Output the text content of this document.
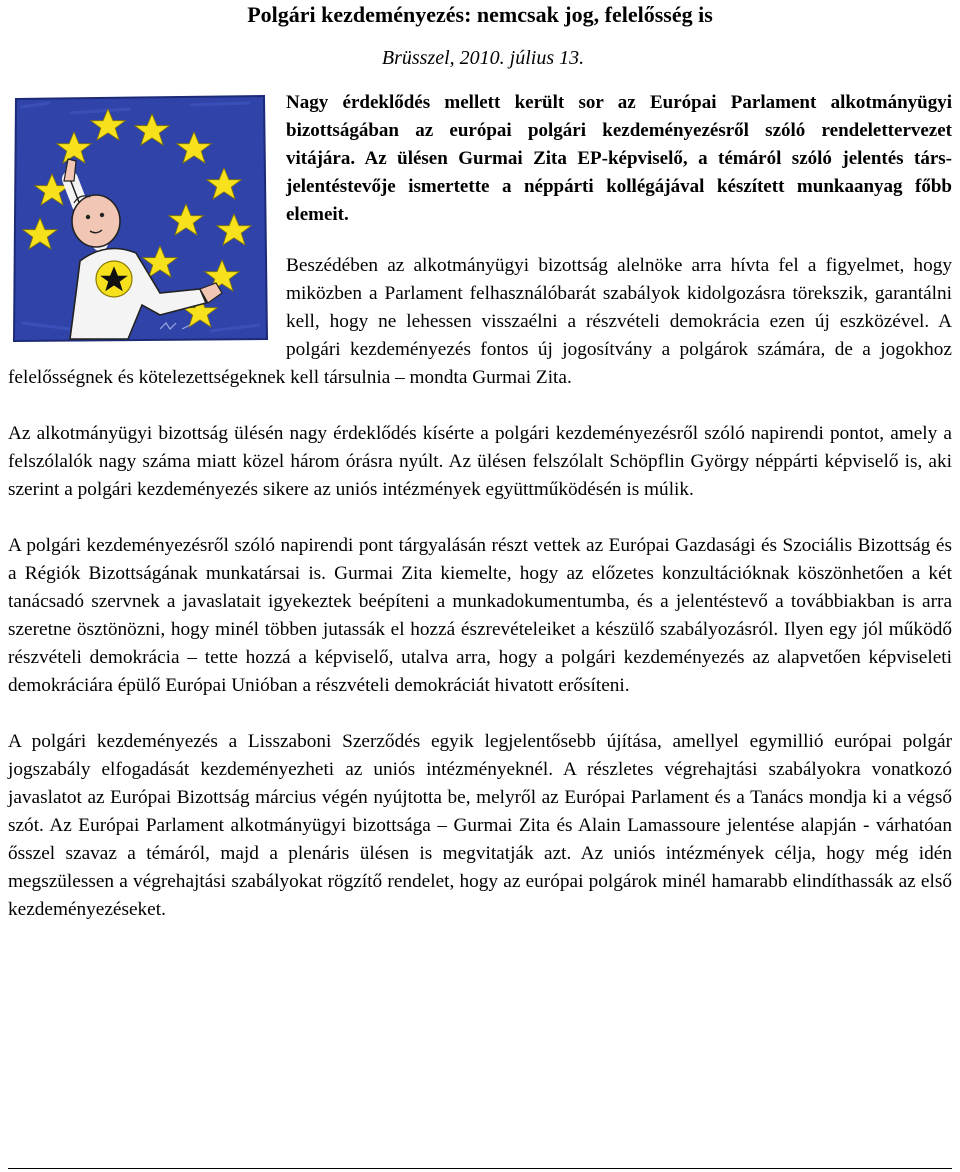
Polgári kezdeményezés: nemcsak jog, felelősség is
Brüsszel, 2010. július 13.

Nagy érdeklődés mellett került sor az Európai Parlament alkotmányügyi bizottságában az európai polgári kezdeményezésről szóló rendelettervezet vitájára. Az ülésen Gurmai Zita EP-képviselő, a témáról szóló jelentés társ-jelentéstevője ismertette a néppárti kollégájával készített munkaanyag főbb elemeit.

Beszédében az alkotmányügyi bizottság alelnöke arra hívta fel a figyelmet, hogy miközben a Parlament felhasználóbarát szabályok kidolgozásra törekszik, garantálni kell, hogy ne lehessen visszaélni a részvételi demokrácia ezen új eszközével. A polgári kezdeményezés fontos új jogosítvány a polgárok számára, de a jogokhoz felelősségnek és kötelezettségeknek kell társulnia – mondta Gurmai Zita.

Az alkotmányügyi bizottság ülésén nagy érdeklődés kísérte a polgári kezdeményezésről szóló napirendi pontot, amely a felszólalók nagy száma miatt közel három órásra nyúlt. Az ülésen felszólalt Schöpflin György néppárti képviselő is, aki szerint a polgári kezdeményezés sikere az uniós intézmények együttműködésén is múlik.

A polgári kezdeményezésről szóló napirendi pont tárgyalásán részt vettek az Európai Gazdasági és Szociális Bizottság és a Régiók Bizottságának munkatársai is. Gurmai Zita kiemelte, hogy az előzetes konzultációknak köszönhetően a két tanácsadó szervnek a javaslatait igyekeztek beépíteni a munkadokumentumba, és a jelentéstevő a továbbiakban is arra szeretne ösztönözni, hogy minél többen jutassák el hozzá észrevételeiket a készülő szabályozásról. Ilyen egy jól működő részvételi demokrácia – tette hozzá a képviselő, utalva arra, hogy a polgári kezdeményezés az alapvetően képviseleti demokráciára épülő Európai Unióban a részvételi demokráciát hivatott erősíteni.

A polgári kezdeményezés a Lisszaboni Szerződés egyik legjelentősebb újítása, amellyel egymillió európai polgár jogszabály elfogadását kezdeményezheti az uniós intézményeknél. A részletes végrehajtási szabályokra vonatkozó javaslatot az Európai Bizottság március végén nyújtotta be, melyről az Európai Parlament és a Tanács mondja ki a végső szót. Az Európai Parlament alkotmányügyi bizottsága – Gurmai Zita és Alain Lamassoure jelentése alapján - várhatóan ősszel szavaz a témáról, majd a plenáris ülésen is megvitatják azt. Az uniós intézmények célja, hogy még idén megszülessen a végrehajtási szabályokat rögzítő rendelet, hogy az európai polgárok minél hamarabb elindíthassák az első kezdeményezéseket.
